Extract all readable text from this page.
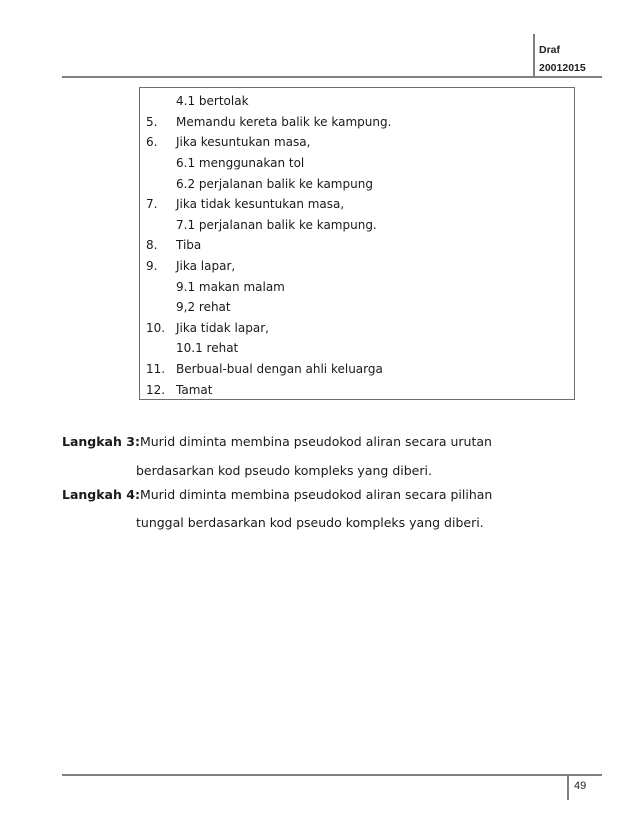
Draf
20012015
4.1 bertolak
5. Memandu kereta balik ke kampung.
6. Jika kesuntukan masa,
6.1 menggunakan tol
6.2 perjalanan balik ke kampung
7. Jika tidak kesuntukan masa,
7.1 perjalanan balik ke kampung.
8. Tiba
9. Jika lapar,
9.1 makan malam
9,2 rehat
10. Jika tidak lapar,
10.1 rehat
11. Berbual-bual dengan ahli keluarga
12. Tamat
Langkah 3:Murid diminta membina pseudokod aliran secara urutan
berdasarkan kod pseudo kompleks yang diberi.
Langkah 4:Murid diminta membina pseudokod aliran secara pilihan
tunggal berdasarkan kod pseudo kompleks yang diberi.
49
